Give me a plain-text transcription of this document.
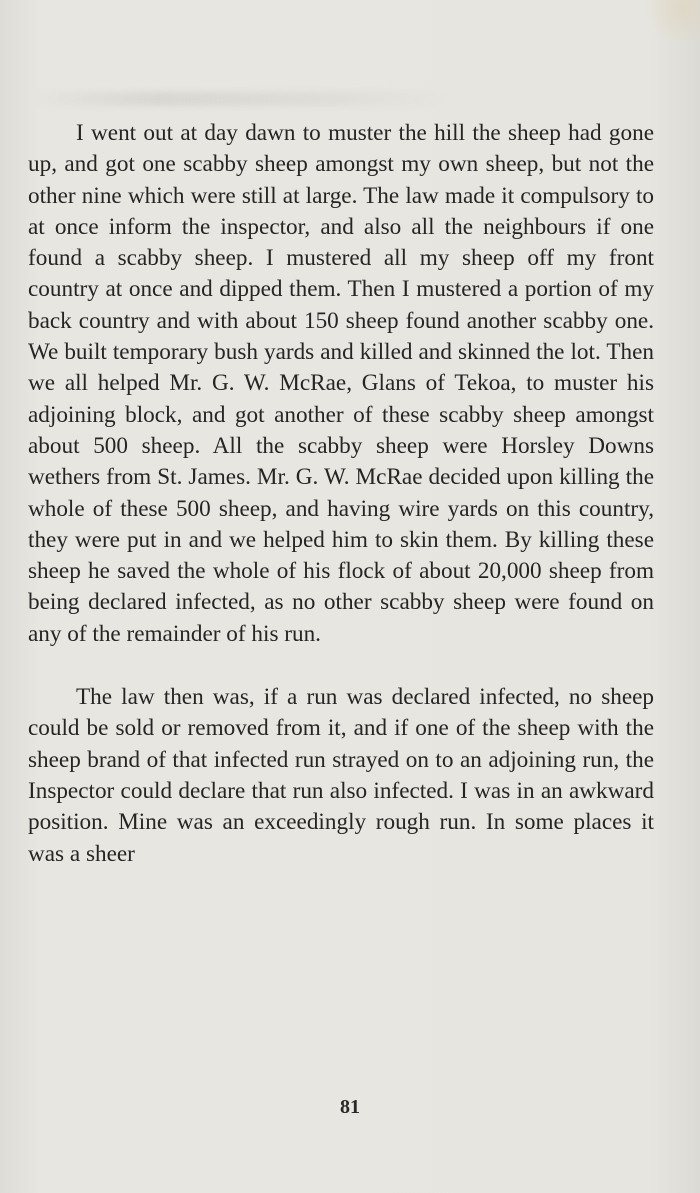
I went out at day dawn to muster the hill the sheep had gone up, and got one scabby sheep amongst my own sheep, but not the other nine which were still at large. The law made it compulsory to at once inform the inspector, and also all the neighbours if one found a scabby sheep. I mustered all my sheep off my front country at once and dipped them. Then I mustered a portion of my back country and with about 150 sheep found another scabby one. We built temporary bush yards and killed and skinned the lot. Then we all helped Mr. G. W. McRae, Glans of Tekoa, to muster his adjoining block, and got another of these scabby sheep amongst about 500 sheep. All the scabby sheep were Horsley Downs wethers from St. James. Mr. G. W. McRae decided upon killing the whole of these 500 sheep, and having wire yards on this country, they were put in and we helped him to skin them. By killing these sheep he saved the whole of his flock of about 20,000 sheep from being declared infected, as no other scabby sheep were found on any of the remainder of his run.

The law then was, if a run was declared infected, no sheep could be sold or removed from it, and if one of the sheep with the sheep brand of that infected run strayed on to an adjoining run, the Inspector could declare that run also infected. I was in an awkward position. Mine was an exceedingly rough run. In some places it was a sheer

81
